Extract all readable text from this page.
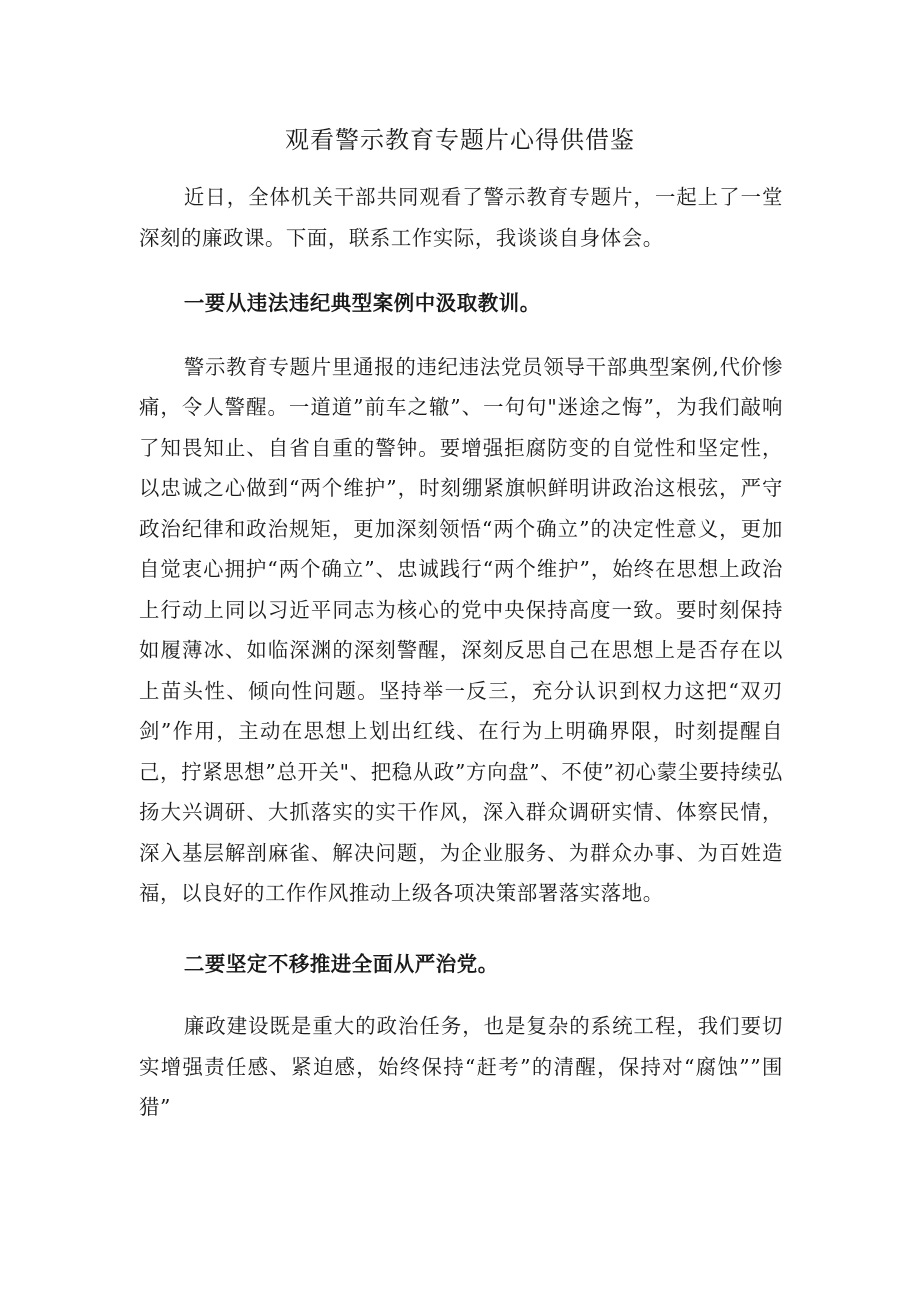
观看警示教育专题片心得供借鉴

近日，全体机关干部共同观看了警示教育专题片，一起上了一堂深刻的廉政课。下面，联系工作实际，我谈谈自身体会。

一要从违法违纪典型案例中汲取教训。

警示教育专题片里通报的违纪违法党员领导干部典型案例,代价惨痛，令人警醒。一道道”前车之辙”、一句句"迷途之悔”，为我们敲响了知畏知止、自省自重的警钟。要增强拒腐防变的自觉性和坚定性，以忠诚之心做到“两个维护”，时刻绷紧旗帜鲜明讲政治这根弦，严守政治纪律和政治规矩，更加深刻领悟“两个确立”的决定性意义，更加自觉衷心拥护“两个确立”、忠诚践行“两个维护”，始终在思想上政治上行动上同以习近平同志为核心的党中央保持高度一致。要时刻保持如履薄冰、如临深渊的深刻警醒，深刻反思自己在思想上是否存在以上苗头性、倾向性问题。坚持举一反三，充分认识到权力这把“双刃剑”作用，主动在思想上划出红线、在行为上明确界限，时刻提醒自己，拧紧思想”总开关"、把稳从政”方向盘”、不使”初心蒙尘要持续弘扬大兴调研、大抓落实的实干作风，深入群众调研实情、体察民情，深入基层解剖麻雀、解决问题，为企业服务、为群众办事、为百姓造福，以良好的工作作风推动上级各项决策部署落实落地。

二要坚定不移推进全面从严治党。

廉政建设既是重大的政治任务，也是复杂的系统工程，我们要切实增强责任感、紧迫感，始终保持“赶考”的清醒，保持对“腐蚀””围猎”
